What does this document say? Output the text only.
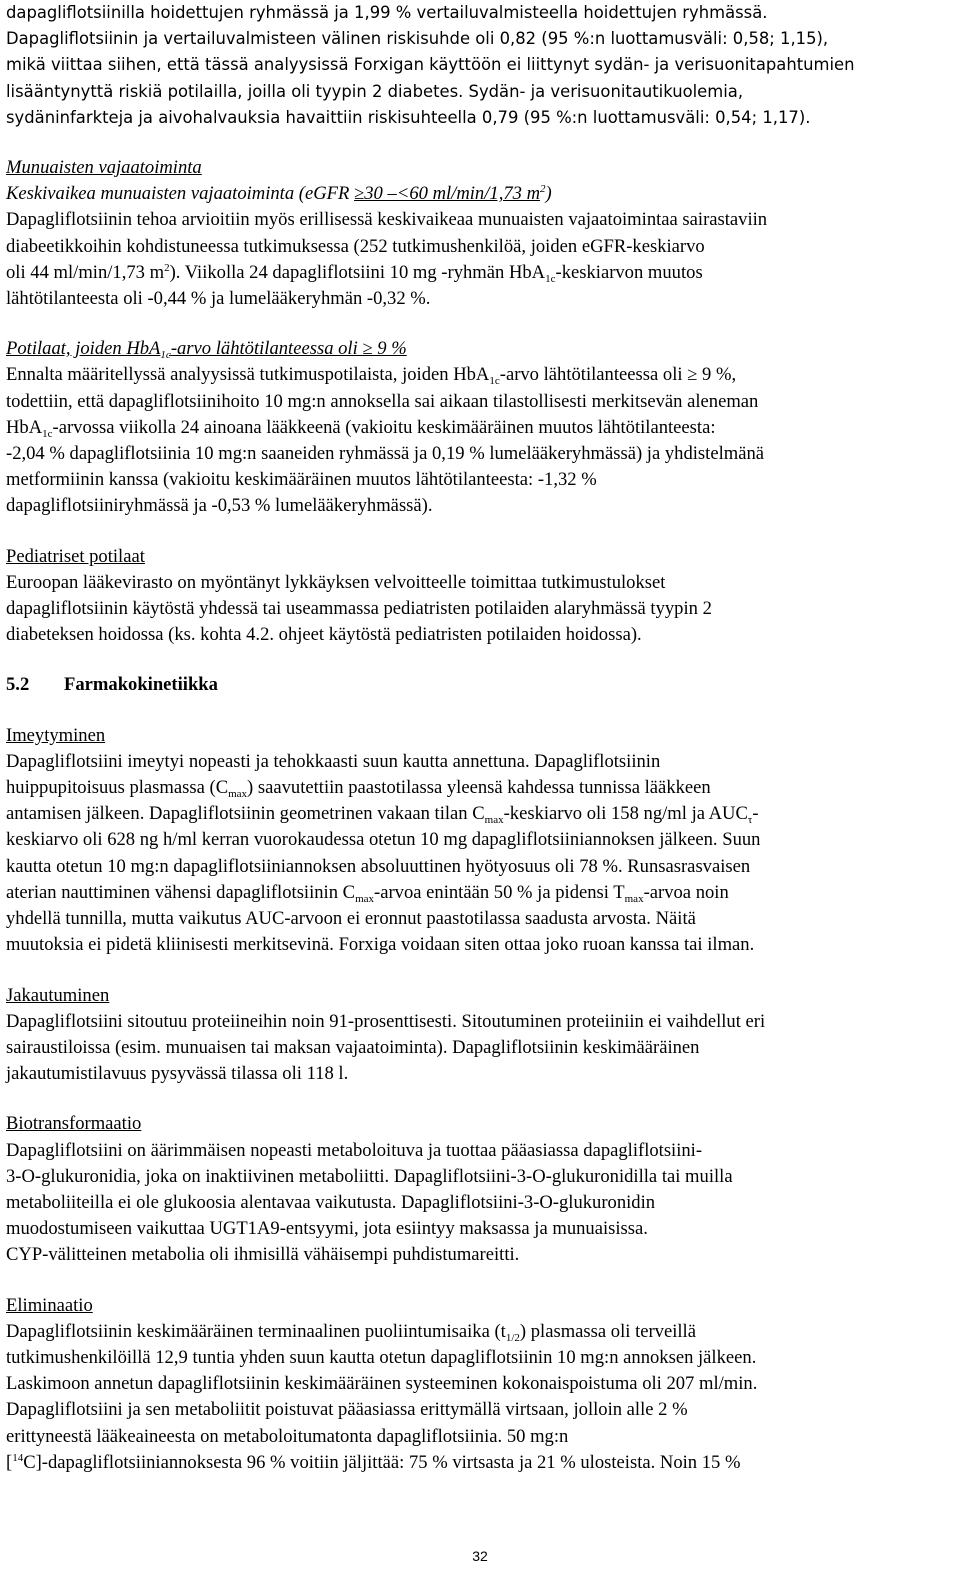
dapagliflotsiinilla hoidettujen ryhmässä ja 1,99 % vertailuvalmisteella hoidettujen ryhmässä.

Dapagliflotsiinin ja vertailuvalmisteen välinen riskisuhde oli 0,82 (95 %:n luottamusväli: 0,58; 1,15),

mikä viittaa siihen, että tässä analyysissä Forxigan käyttöön ei liittynyt sydän- ja verisuonitapahtumien

lisääntynyttä riskiä potilailla, joilla oli tyypin 2 diabetes. Sydän- ja verisuonitautikuolemia,

sydäninfarkteja ja aivohalvauksia havaittiin riskisuhteella 0,79 (95 %:n luottamusväli: 0,54; 1,17).

Munuaisten vajaatoiminta

Keskivaikea munuaisten vajaatoiminta (eGFR ≥30 –<60 ml/min/1,73 $m^2$)

Dapagliflotsiinin tehoa arvioitiin myös erillisessä keskivaikeaa munuaisten vajaatoimintaa sairastaviin

diabeetikkoihin kohdistuneessa tutkimuksessa (252 tutkimushenkilöä, joiden eGFR-keskiarvo

oli 44 ml/min/1,73 $m^2$). Viikolla 24 dapagliflotsiini 10 mg -ryhmän HbA$_{1c}$-keskiarvon muutos

lähtötilanteesta oli -0,44 % ja lumelääkeryhmän -0,32 %.

Potilaat, joiden HbA$_{1c}$-arvo lähtötilanteessa oli ≥ 9 %

Ennalta määritellyssä analyysissä tutkimuspotilaista, joiden HbA$_{1c}$-arvo lähtötilanteessa oli ≥ 9 %,

todettiin, että dapagliflotsiinihoito 10 mg:n annoksella sai aikaan tilastollisesti merkitsevän aleneman

HbA$_{1c}$-arvossa viikolla 24 ainoana lääkkeenä (vakioitu keskimääräinen muutos lähtötilanteesta:

-2,04 % dapagliflotsiinia 10 mg:n saaneiden ryhmässä ja 0,19 % lumelääkeryhmässä) ja yhdistelmänä

metformiinin kanssa (vakioitu keskimääräinen muutos lähtötilanteesta: -1,32 %

dapagliflotsiiniryhmässä ja -0,53 % lumelääkeryhmässä).

Pediatriset potilaat

Euroopan lääkevirasto on myöntänyt lykkäyksen velvoitteelle toimittaa tutkimustulokset

dapagliflotsiinin käytöstä yhdessä tai useammassa pediatristen potilaiden alaryhmässä tyypin 2

diabeteksen hoidossa (ks. kohta 4.2. ohjeet käytöstä pediatristen potilaiden hoidossa).

5.2 Farmakokinetiikka

Imeytyminen

Dapagliflotsiini imeytyi nopeasti ja tehokkaasti suun kautta annettuna. Dapagliflotsiinin

huippupitoisuus plasmassa $(C_{max})$ saavutettiin paastotilassa yleensä kahdessa tunnissa lääkkeen

antamisen jälkeen. Dapagliflotsiinin geometrinen vakaan tilan $C_{max}$-keskiarvo oli 158 ng/ml ja $AUC_\tau-$

keskiarvo oli 628 ng h/ml kerran vuorokaudessa otetun 10 mg dapagliflotsiiniannoksen jälkeen. Suun

kautta otetun 10 mg:n dapagliflotsiiniannoksen absoluuttinen hyötyosuus oli 78 %. Runsasrasvaisen

aterian nauttiminen vähensi dapagliflotsiinin $C_{max}$-arvoa enintään 50 % ja pidensi $T_{max}$-arvoa noin

yhdellä tunnilla, mutta vaikutus AUC-arvoon ei eronnut paastotilassa saadusta arvosta. Näitä

muutoksia ei pidetä kliinisesti merkitsevinä. Forxiga voidaan siten ottaa joko ruoan kanssa tai ilman.

Jakautuminen

Dapagliflotsiini sitoutuu proteiineihin noin 91-prosenttisesti. Sitoutuminen proteiiniin ei vaihdellut eri

sairaustiloissa (esim. munuaisen tai maksan vajaatoiminta). Dapagliflotsiinin keskimääräinen

jakautumistilavuus pysyvässä tilassa oli 118 l.

Biotransformaatio

Dapagliflotsiini on äärimmäisen nopeasti metaboloituva ja tuottaa pääasiassa dapagliflotsiini-

3-O-glukuronidia, joka on inaktiivinen metaboliitti. Dapagliflotsiini-3-O-glukuronidilla tai muilla

metaboliiteilla ei ole glukoosia alentavaa vaikutusta. Dapagliflotsiini-3-O-glukuronidin

muodostumiseen vaikuttaa UGT1A9-entsyymi, jota esiintyy maksassa ja munuaisissa.

CYP-välitteinen metabolia oli ihmisillä vähäisempi puhdistumareitti.

Eliminaatio

Dapagliflotsiinin keskimääräinen terminaalinen puoliintumisaika $(t_{1/2})$ plasmassa oli terveillä

tutkimushenkilöillä 12,9 tuntia yhden suun kautta otetun dapagliflotsiinin 10 mg:n annoksen jälkeen.

Laskimoon annetun dapagliflotsiinin keskimääräinen systeeminen kokonaispoistuma oli 207 ml/min.

Dapagliflotsiini ja sen metaboliitit poistuvat pääasiassa erittymällä virtsaan, jolloin alle 2 %

erittyneestä lääkeaineesta on metaboloitumatonta dapagliflotsiinia. 50 mg:n

[$^{14}$C]-dapagliflotsiiniannoksesta 96 % voitiin jäljittää: 75 % virtsasta ja 21 % ulosteista. Noin 15 %

32
